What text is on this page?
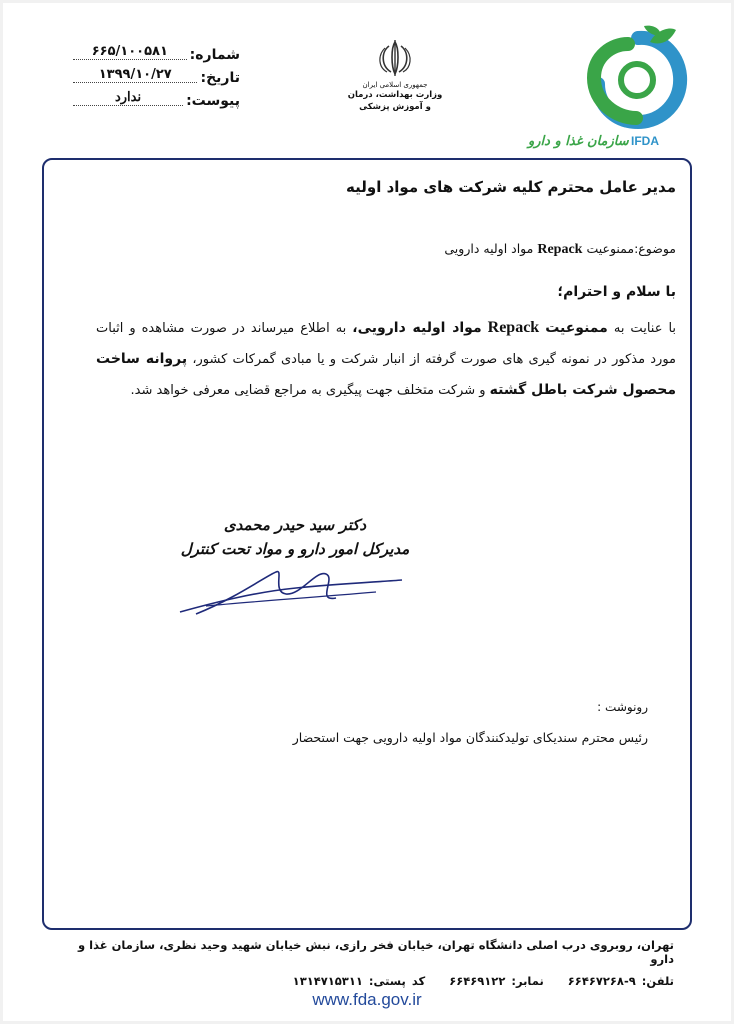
شماره:
۶۶۵/۱۰۰۵۸۱
تاریخ:
۱۳۹۹/۱۰/۲۷
پیوست:
ندارد
جمهوری اسلامی ایران
وزارت بهداشت، درمان
و آموزش پزشکی
سازمان غذا و دارو IFDA
مدیر عامل محترم کلیه شرکت های مواد اولیه
موضوع:ممنوعیت Repack مواد اولیه دارویی
با سلام و احترام؛
با عنایت به ممنوعیت Repack مواد اولیه دارویی، به اطلاع میرساند در صورت مشاهده و اثبات مورد مذکور در نمونه گیری های صورت گرفته از انبار شرکت و یا مبادی گمرکات کشور، پروانه ساخت محصول شرکت باطل گشته و شرکت متخلف جهت پیگیری به مراجع قضایی معرفی خواهد شد.
دکتر سید حیدر محمدی
مدیرکل امور دارو و مواد تحت کنترل
رونوشت :
رئیس محترم سندیکای تولیدکنندگان مواد اولیه دارویی جهت استحضار
تهران، روبروی درب اصلی دانشگاه تهران، خیابان فخر رازی، نبش خیابان شهید وحید نظری، سازمان غذا و دارو
تلفن: ۹-۶۶۴۶۷۲۶۸    نمابر: ۶۶۴۶۹۱۲۲    کد پستی: ۱۳۱۴۷۱۵۳۱۱
www.fda.gov.ir
